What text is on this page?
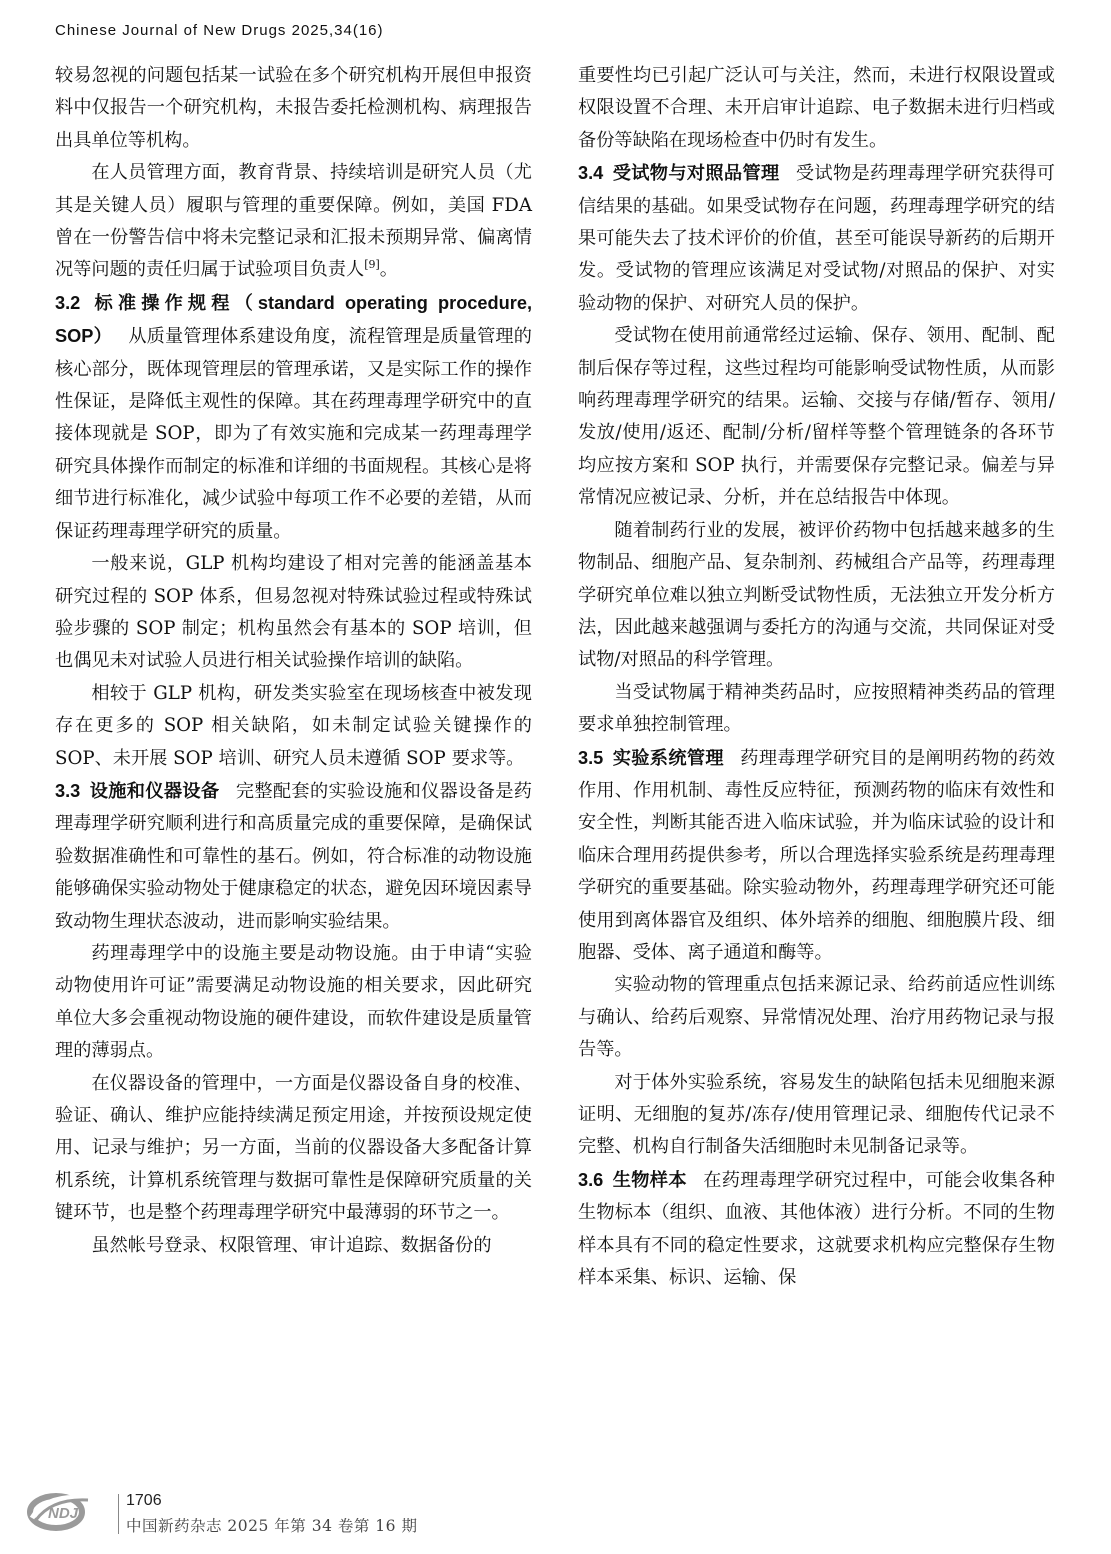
Chinese Journal of New Drugs 2025,34(16)

较易忽视的问题包括某一试验在多个研究机构开展但申报资料中仅报告一个研究机构，未报告委托检测机构、病理报告出具单位等机构。

在人员管理方面，教育背景、持续培训是研究人员（尤其是关键人员）履职与管理的重要保障。例如，美国 FDA 曾在一份警告信中将未完整记录和汇报未预期异常、偏离情况等问题的责任归属于试验项目负责人[9]。

3.2  标准操作规程（standard operating procedure, SOP） 从质量管理体系建设角度，流程管理是质量管理的核心部分，既体现管理层的管理承诺，又是实际工作的操作性保证，是降低主观性的保障。其在药理毒理学研究中的直接体现就是 SOP，即为了有效实施和完成某一药理毒理学研究具体操作而制定的标准和详细的书面规程。其核心是将细节进行标准化，减少试验中每项工作不必要的差错，从而保证药理毒理学研究的质量。

一般来说，GLP 机构均建设了相对完善的能涵盖基本研究过程的 SOP 体系，但易忽视对特殊试验过程或特殊试验步骤的 SOP 制定；机构虽然会有基本的 SOP 培训，但也偶见未对试验人员进行相关试验操作培训的缺陷。

相较于 GLP 机构，研发类实验室在现场核查中被发现存在更多的 SOP 相关缺陷，如未制定试验关键操作的 SOP、未开展 SOP 培训、研究人员未遵循 SOP 要求等。

3.3  设施和仪器设备 完整配套的实验设施和仪器设备是药理毒理学研究顺利进行和高质量完成的重要保障，是确保试验数据准确性和可靠性的基石。例如，符合标准的动物设施能够确保实验动物处于健康稳定的状态，避免因环境因素导致动物生理状态波动，进而影响实验结果。

药理毒理学中的设施主要是动物设施。由于申请“实验动物使用许可证”需要满足动物设施的相关要求，因此研究单位大多会重视动物设施的硬件建设，而软件建设是质量管理的薄弱点。

在仪器设备的管理中，一方面是仪器设备自身的校准、验证、确认、维护应能持续满足预定用途，并按预设规定使用、记录与维护；另一方面，当前的仪器设备大多配备计算机系统，计算机系统管理与数据可靠性是保障研究质量的关键环节，也是整个药理毒理学研究中最薄弱的环节之一。

虽然帐号登录、权限管理、审计追踪、数据备份的

重要性均已引起广泛认可与关注，然而，未进行权限设置或权限设置不合理、未开启审计追踪、电子数据未进行归档或备份等缺陷在现场检查中仍时有发生。

3.4  受试物与对照品管理 受试物是药理毒理学研究获得可信结果的基础。如果受试物存在问题，药理毒理学研究的结果可能失去了技术评价的价值，甚至可能误导新药的后期开发。受试物的管理应该满足对受试物/对照品的保护、对实验动物的保护、对研究人员的保护。

受试物在使用前通常经过运输、保存、领用、配制、配制后保存等过程，这些过程均可能影响受试物性质，从而影响药理毒理学研究的结果。运输、交接与存储/暂存、领用/发放/使用/返还、配制/分析/留样等整个管理链条的各环节均应按方案和 SOP 执行，并需要保存完整记录。偏差与异常情况应被记录、分析，并在总结报告中体现。

随着制药行业的发展，被评价药物中包括越来越多的生物制品、细胞产品、复杂制剂、药械组合产品等，药理毒理学研究单位难以独立判断受试物性质，无法独立开发分析方法，因此越来越强调与委托方的沟通与交流，共同保证对受试物/对照品的科学管理。

当受试物属于精神类药品时，应按照精神类药品的管理要求单独控制管理。

3.5  实验系统管理 药理毒理学研究目的是阐明药物的药效作用、作用机制、毒性反应特征，预测药物的临床有效性和安全性，判断其能否进入临床试验，并为临床试验的设计和临床合理用药提供参考，所以合理选择实验系统是药理毒理学研究的重要基础。除实验动物外，药理毒理学研究还可能使用到离体器官及组织、体外培养的细胞、细胞膜片段、细胞器、受体、离子通道和酶等。

实验动物的管理重点包括来源记录、给药前适应性训练与确认、给药后观察、异常情况处理、治疗用药物记录与报告等。

对于体外实验系统，容易发生的缺陷包括未见细胞来源证明、无细胞的复苏/冻存/使用管理记录、细胞传代记录不完整、机构自行制备失活细胞时未见制备记录等。

3.6  生物样本 在药理毒理学研究过程中，可能会收集各种生物标本（组织、血液、其他体液）进行分析。不同的生物样本具有不同的稳定性要求，这就要求机构应完整保存生物样本采集、标识、运输、保

NDJ
1706
中国新药杂志 2025 年第 34 卷第 16 期
